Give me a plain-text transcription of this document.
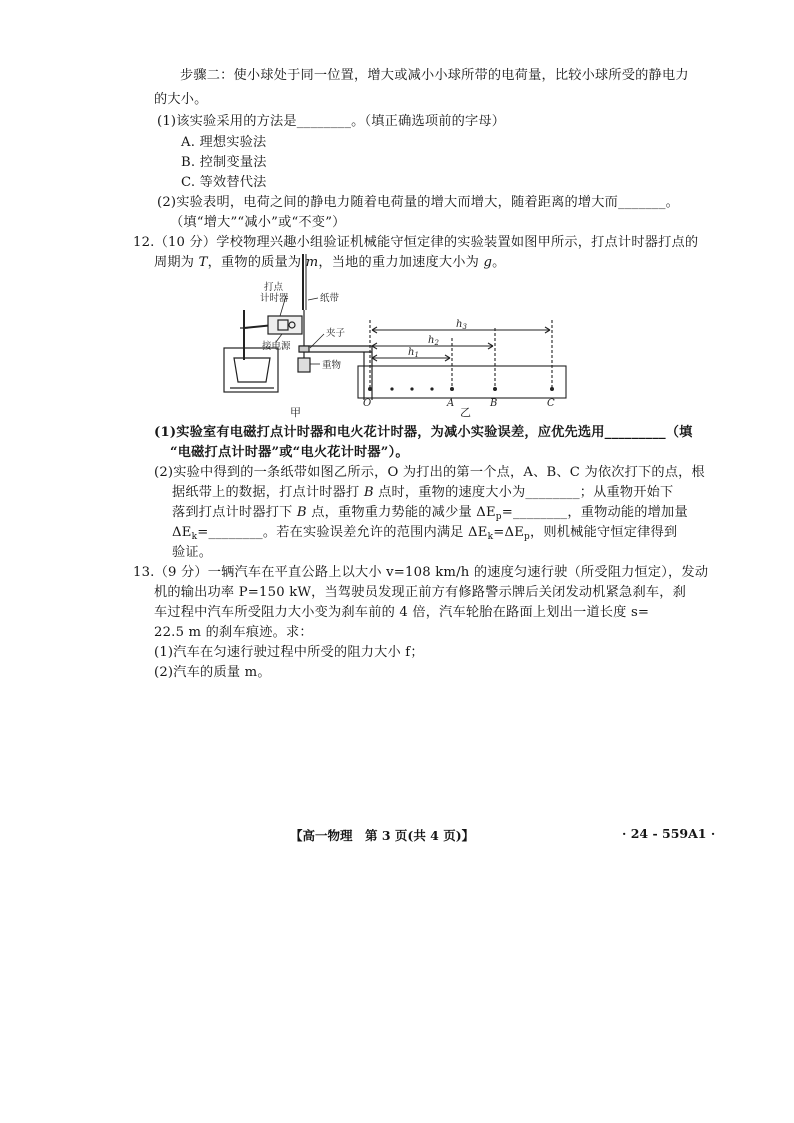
步骤二：使小球处于同一位置，增大或减小小球所带的电荷量，比较小球所受的静电力
的大小。
(1)该实验采用的方法是________。（填正确选项前的字母）
A. 理想实验法
B. 控制变量法
C. 等效替代法
(2)实验表明，电荷之间的静电力随着电荷量的增大而增大，随着距离的增大而_______。
（填“增大”“减小”或“不变”）
12.（10 分）学校物理兴趣小组验证机械能守恒定律的实验装置如图甲所示，打点计时器打点的
周期为 T，重物的质量为 m，当地的重力加速度大小为 g。
打点
计时器	纸带
夹子
接电源
重物
甲
$h_1$
$h_2$
$h_3$
O	A	B	C
乙
(1)实验室有电磁打点计时器和电火花计时器，为减小实验误差，应优先选用_________（填
“电磁打点计时器”或“电火花计时器”）。
(2)实验中得到的一条纸带如图乙所示，O 为打出的第一个点，A、B、C 为依次打下的点，根
据纸带上的数据，打点计时器打 B 点时，重物的速度大小为________；从重物开始下
落到打点计时器打下 B 点，重物重力势能的减少量 $\Delta E_p=\_\_\_\_\_\_\_\_$，重物动能的增加量
$\Delta E_k=\_\_\_\_\_\_\_\_$。若在实验误差允许的范围内满足 $\Delta E_k=\Delta E_p$，则机械能守恒定律得到
验证。
13.（9 分）一辆汽车在平直公路上以大小 v=108 km/h 的速度匀速行驶（所受阻力恒定），发动
机的输出功率 P=150 kW，当驾驶员发现正前方有修路警示牌后关闭发动机紧急刹车，刹
车过程中汽车所受阻力大小变为刹车前的 4 倍，汽车轮胎在路面上划出一道长度 s=
22.5 m 的刹车痕迹。求：
(1)汽车在匀速行驶过程中所受的阻力大小 f；
(2)汽车的质量 m。
【高一物理　第 3 页(共 4 页)】	· 24 - 559A1 ·
